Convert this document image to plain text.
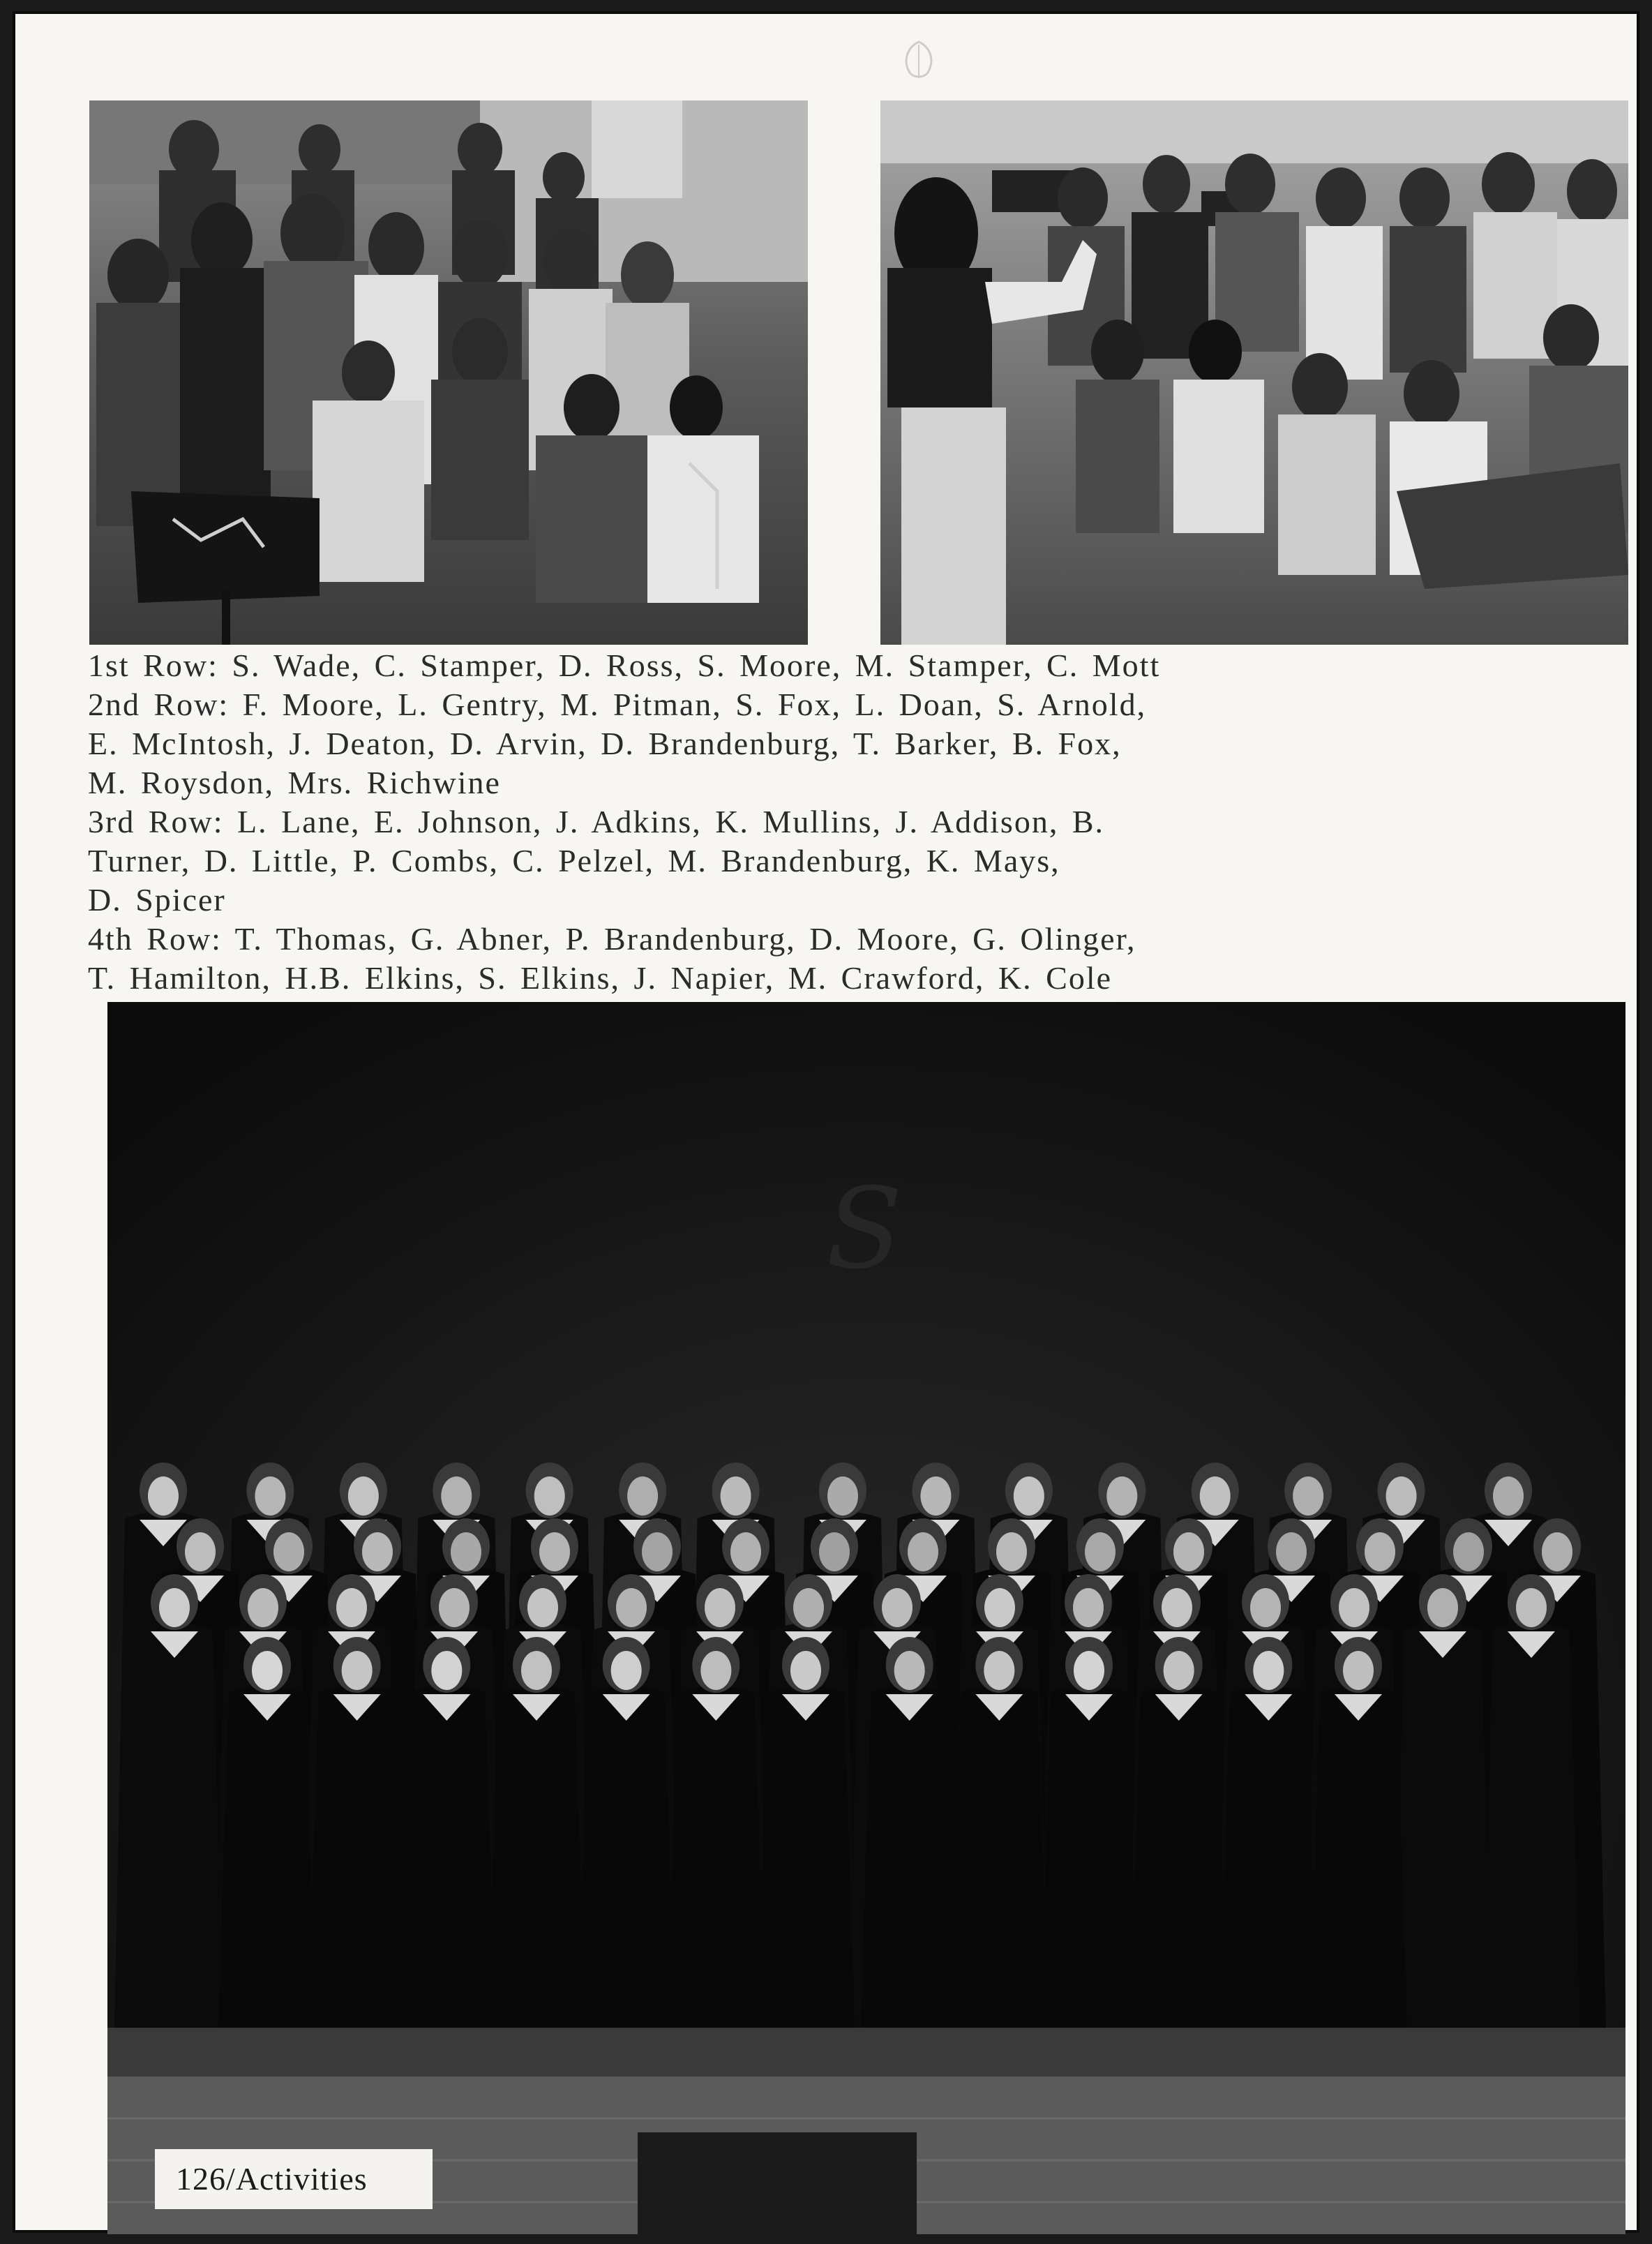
1st Row: S. Wade, C. Stamper, D. Ross, S. Moore, M. Stamper, C. Mott
2nd Row: F. Moore, L. Gentry, M. Pitman, S. Fox, L. Doan, S. Arnold,
E. McIntosh, J. Deaton, D. Arvin, D. Brandenburg, T. Barker, B. Fox,
M. Roysdon, Mrs. Richwine
3rd Row: L. Lane, E. Johnson, J. Adkins, K. Mullins, J. Addison, B.
Turner, D. Little, P. Combs, C. Pelzel, M. Brandenburg, K. Mays,
D. Spicer
4th Row: T. Thomas, G. Abner, P. Brandenburg, D. Moore, G. Olinger,
T. Hamilton, H.B. Elkins, S. Elkins, J. Napier, M. Crawford, K. Cole
S
126/Activities
